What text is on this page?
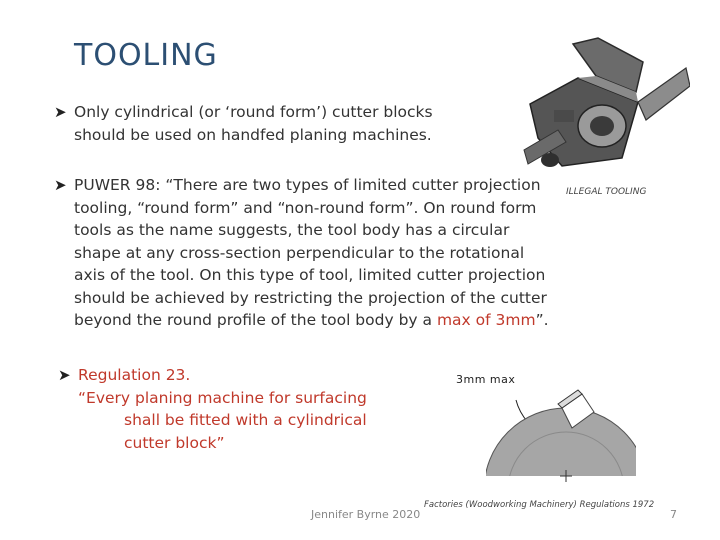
TOOLING
➤ Only cylindrical (or ‘round form’) cutter blocks
should be used on handfed planing machines.
ILLEGAL TOOLING
➤ PUWER 98: “There are two types of limited cutter projection
tooling, “round form” and “non-round form”. On round form
tools as the name suggests, the tool body has a circular
shape at any cross-section perpendicular to the rotational
axis of the tool. On this type of tool, limited cutter projection
should be achieved by restricting the projection of the cutter
beyond the round profile of the tool body by a max of 3mm”.
➤ Regulation 23.
“Every planing machine for surfacing
shall be fitted with a cylindrical
cutter block”
3mm max
Factories (Woodworking Machinery) Regulations 1972
Jennifer Byrne 2020	7
